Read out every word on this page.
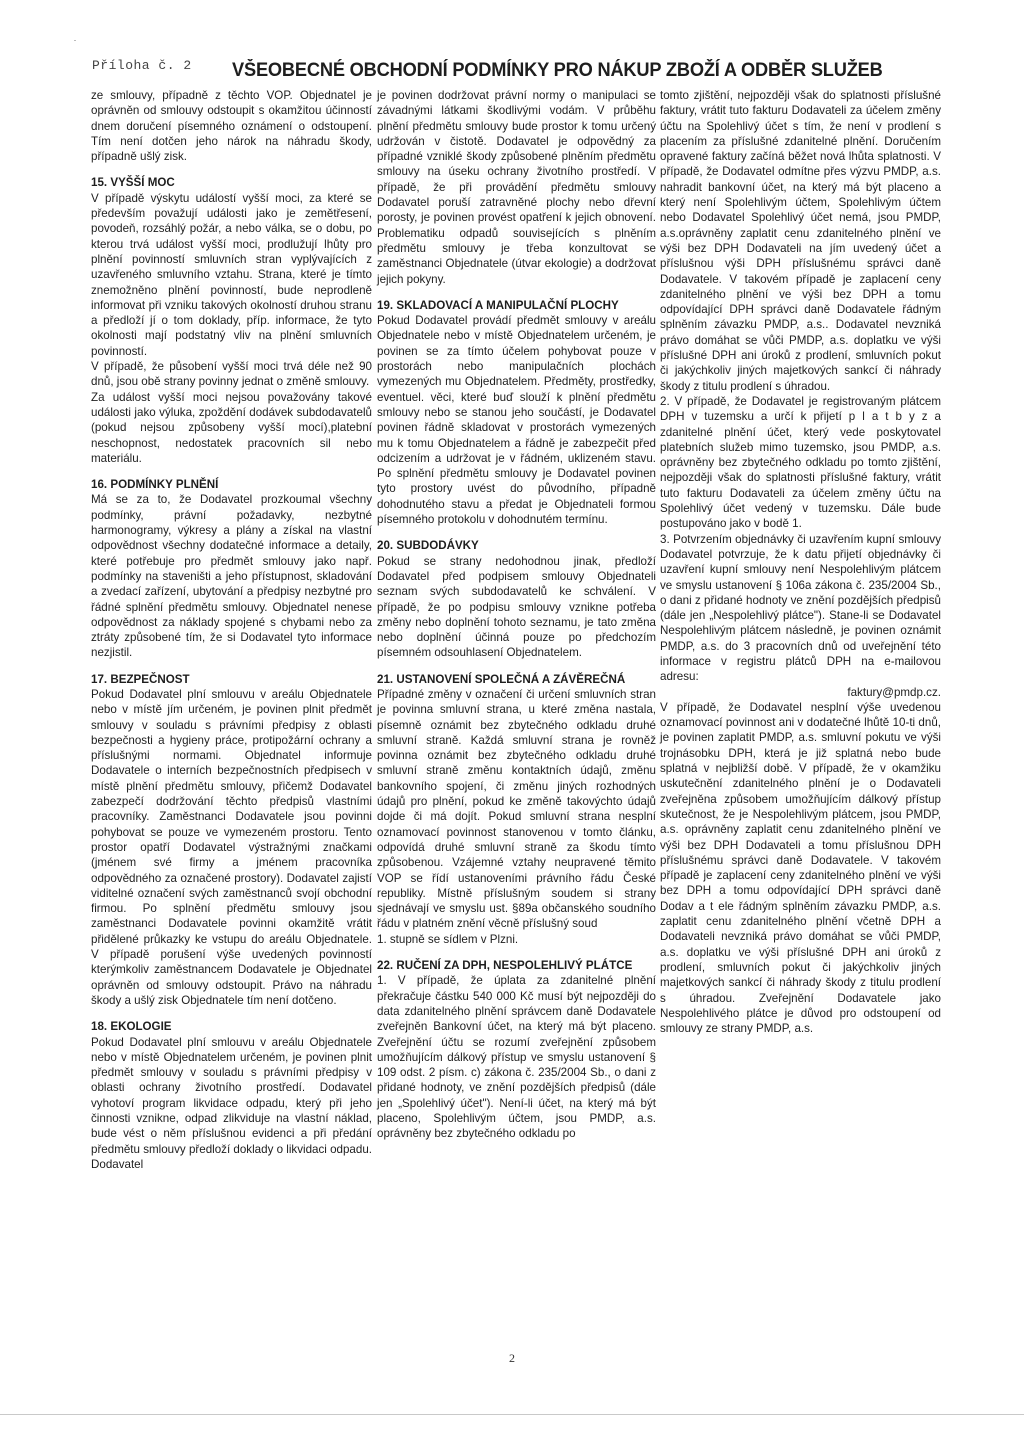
Příloha č. 2 VŠEOBECNÉ OBCHODNÍ PODMÍNKY PRO NÁKUP ZBOŽÍ A ODBĚR SLUŽEB

ze smlouvy, případně z těchto VOP. Objednatel je oprávněn od smlouvy odstoupit s okamžitou účinností dnem doručení písemného oznámení o odstoupení. Tím není dotčen jeho nárok na náhradu škody, případně ušlý zisk.

15. VYŠŠÍ MOC

V případě výskytu událostí vyšší moci, za které se především považují události jako je zemětřesení, povodeň, rozsáhlý požár, a nebo válka, se o dobu, po kterou trvá událost vyšší moci, prodlužují lhůty pro plnění povinností smluvních stran vyplývajících z uzavřeného smluvního vztahu. Strana, které je tímto znemožněno plnění povinností, bude neprodleně informovat při vzniku takových okolností druhou stranu a předloží jí o tom doklady, příp. informace, že tyto okolnosti mají podstatný vliv na plnění smluvních povinností.

V případě, že působení vyšší moci trvá déle než 90 dnů, jsou obě strany povinny jednat o změně smlouvy.

Za událost vyšší moci nejsou považovány takové události jako výluka, zpoždění dodávek subdodavatelů (pokud nejsou způsobeny vyšší mocí),platební neschopnost, nedostatek pracovních sil nebo materiálu.

16. PODMÍNKY PLNĚNÍ

Má se za to, že Dodavatel prozkoumal všechny podmínky, právní požadavky, nezbytné harmonogramy, výkresy a plány a získal na vlastní odpovědnost všechny dodatečné informace a detaily, které potřebuje pro předmět smlouvy jako např. podmínky na staveništi a jeho přístupnost, skladování a zvedací zařízení, ubytování a předpisy nezbytné pro řádné splnění předmětu smlouvy. Objednatel nenese odpovědnost za náklady spojené s chybami nebo za ztráty způsobené tím, že si Dodavatel tyto informace nezjistil.

17. BEZPEČNOST

Pokud Dodavatel plní smlouvu v areálu Objednatele nebo v místě jím určeném, je povinen plnit předmět smlouvy v souladu s právními předpisy z oblasti bezpečnosti a hygieny práce, protipožární ochrany a příslušnými normami. Objednatel informuje Dodavatele o interních bezpečnostních předpisech v místě plnění předmětu smlouvy, přičemž Dodavatel zabezpečí dodržování těchto předpisů vlastními pracovníky. Zaměstnanci Dodavatele jsou povinni pohybovat se pouze ve vymezeném prostoru. Tento prostor opatří Dodavatel výstražnými značkami (jménem své firmy a jménem pracovníka odpovědného za označené prostory). Dodavatel zajistí viditelné označení svých zaměstnanců svojí obchodní firmou. Po splnění předmětu smlouvy jsou zaměstnanci Dodavatele povinni okamžitě vrátit přidělené průkazky ke vstupu do areálu Objednatele. V případě porušení výše uvedených povinností kterýmkoliv zaměstnancem Dodavatele je Objednatel oprávněn od smlouvy odstoupit. Právo na náhradu škody a ušlý zisk Objednatele tím není dotčeno.

18. EKOLOGIE

Pokud Dodavatel plní smlouvu v areálu Objednatele nebo v místě Objednatelem určeném, je povinen plnit předmět smlouvy v souladu s právními předpisy v oblasti ochrany životního prostředí. Dodavatel vyhotoví program likvidace odpadu, který při jeho činnosti vznikne, odpad zlikviduje na vlastní náklad, bude vést o něm příslušnou evidenci a při předání předmětu smlouvy předloží doklady o likvidaci odpadu. Dodavatel

je povinen dodržovat právní normy o manipulaci se závadnými látkami škodlivými vodám. V průběhu plnění předmětu smlouvy bude prostor k tomu určený udržován v čistotě. Dodavatel je odpovědný za případné vzniklé škody způsobené plněním předmětu smlouvy na úseku ochrany životního prostředí. V případě, že při provádění předmětu smlouvy Dodavatel poruší zatravněné plochy nebo dřevní porosty, je povinen provést opatření k jejich obnovení. Problematiku odpadů souvisejících s plněním předmětu smlouvy je třeba konzultovat se zaměstnanci Objednatele (útvar ekologie) a dodržovat jejich pokyny.

19. SKLADOVACÍ A MANIPULAČNÍ PLOCHY

Pokud Dodavatel provádí předmět smlouvy v areálu Objednatele nebo v místě Objednatelem určeném, je povinen se za tímto účelem pohybovat pouze v prostorách nebo manipulačních plochách vymezených mu Objednatelem. Předměty, prostředky, eventuel. věci, které buď slouží k plnění předmětu smlouvy nebo se stanou jeho součástí, je Dodavatel povinen řádně skladovat v prostorách vymezených mu k tomu Objednatelem a řádně je zabezpečit před odcizením a udržovat je v řádném, uklizeném stavu. Po splnění předmětu smlouvy je Dodavatel povinen tyto prostory uvést do původního, případně dohodnutého stavu a předat je Objednateli formou písemného protokolu v dohodnutém termínu.

20. SUBDODÁVKY

Pokud se strany nedohodnou jinak, předloží Dodavatel před podpisem smlouvy Objednateli seznam svých subdodavatelů ke schválení. V případě, že po podpisu smlouvy vznikne potřeba změny nebo doplnění tohoto seznamu, je tato změna nebo doplnění účinná pouze po předchozím písemném odsouhlasení Objednatelem.

21. USTANOVENÍ SPOLEČNÁ A ZÁVĚREČNÁ

Případné změny v označení či určení smluvních stran je povinna smluvní strana, u které změna nastala, písemně oznámit bez zbytečného odkladu druhé smluvní straně. Každá smluvní strana je rovněž povinna oznámit bez zbytečného odkladu druhé smluvní straně změnu kontaktních údajů, změnu bankovního spojení, či změnu jiných rozhodných údajů pro plnění, pokud ke změně takovýchto údajů dojde či má dojít. Pokud smluvní strana nesplní oznamovací povinnost stanovenou v tomto článku, odpovídá druhé smluvní straně za škodu tímto způsobenou. Vzájemné vztahy neupravené těmito VOP se řídí ustanoveními právního řádu České republiky. Místně příslušným soudem si strany sjednávají ve smyslu ust. §89a občanského soudního řádu v platném znění věcně příslušný soud

1. stupně se sídlem v Plzni.

22. RUČENÍ ZA DPH, NESPOLEHLIVÝ PLÁTCE

1. V případě, že úplata za zdanitelné plnění překračuje částku 540 000 Kč musí být nejpozději do data zdanitelného plnění správcem daně Dodavatele zveřejněn Bankovní účet, na který má být placeno. Zveřejnění účtu se rozumí zveřejnění způsobem umožňujícím dálkový přístup ve smyslu ustanovení § 109 odst. 2 písm. c) zákona č. 235/2004 Sb., o dani z přidané hodnoty, ve znění pozdějších předpisů (dále jen „Spolehlivý účet"). Není-li účet, na který má být placeno, Spolehlivým účtem, jsou PMDP, a.s. oprávněny bez zbytečného odkladu po

tomto zjištění, nejpozději však do splatnosti příslušné faktury, vrátit tuto fakturu Dodavateli za účelem změny účtu na Spolehlivý účet s tím, že není v prodlení s placením za příslušné zdanitelné plnění. Doručením opravené faktury začíná běžet nová lhůta splatnosti. V případě, že Dodavatel odmítne přes výzvu PMDP, a.s. nahradit bankovní účet, na který má být placeno a který není Spolehlivým účtem, Spolehlivým účtem nebo Dodavatel Spolehlivý účet nemá, jsou PMDP, a.s.oprávněny zaplatit cenu zdanitelného plnění ve výši bez DPH Dodavateli na jím uvedený účet a příslušnou výši DPH příslušnému správci daně Dodavatele. V takovém případě je zaplacení ceny zdanitelného plnění ve výši bez DPH a tomu odpovídající DPH správci daně Dodavatele řádným splněním závazku PMDP, a.s.. Dodavatel nevzniká právo domáhat se vůči PMDP, a.s. doplatku ve výši příslušné DPH ani úroků z prodlení, smluvních pokut či jakýchkoliv jiných majetkových sankcí či náhrady škody z titulu prodlení s úhradou.

2. V případě, že Dodavatel je registrovaným plátcem DPH v tuzemsku a určí k přijetí p l a t b y z a zdanitelné plnění účet, který vede poskytovatel platebních služeb mimo tuzemsko, jsou PMDP, a.s. oprávněny bez zbytečného odkladu po tomto zjištění, nejpozději však do splatnosti příslušné faktury, vrátit tuto fakturu Dodavateli za účelem změny účtu na Spolehlivý účet vedený v tuzemsku. Dále bude postupováno jako v bodě 1.

3. Potvrzením objednávky či uzavřením kupní smlouvy Dodavatel potvrzuje, že k datu přijetí objednávky či uzavření kupní smlouvy není Nespolehlivým plátcem ve smyslu ustanovení § 106a zákona č. 235/2004 Sb., o dani z přidané hodnoty ve znění pozdějších předpisů (dále jen „Nespolehlivý plátce"). Stane-li se Dodavatel Nespolehlivým plátcem následně, je povinen oznámit PMDP, a.s. do 3 pracovních dnů od uveřejnění této informace v registru plátců DPH na e-mailovou adresu:

faktury@pmdp.cz.

V případě, že Dodavatel nesplní výše uvedenou oznamovací povinnost ani v dodatečné lhůtě 10-ti dnů, je povinen zaplatit PMDP, a.s. smluvní pokutu ve výši trojnásobku DPH, která je již splatná nebo bude splatná v nejbližší době. V případě, že v okamžiku uskutečnění zdanitelného plnění je o Dodavateli zveřejněna způsobem umožňujícím dálkový přístup skutečnost, že je Nespolehlivým plátcem, jsou PMDP, a.s. oprávněny zaplatit cenu zdanitelného plnění ve výši bez DPH Dodavateli a tomu příslušnou DPH příslušnému správci daně Dodavatele. V takovém případě je zaplacení ceny zdanitelného plnění ve výši bez DPH a tomu odpovídající DPH správci daně Dodav a t ele řádným splněním závazku PMDP, a.s. zaplatit cenu zdanitelného plnění včetně DPH a Dodavateli nevzniká právo domáhat se vůči PMDP, a.s. doplatku ve výši příslušné DPH ani úroků z prodlení, smluvních pokut či jakýchkoliv jiných majetkových sankcí či náhrady škody z titulu prodlení s úhradou. Zveřejnění Dodavatele jako Nespolehlivého plátce je důvod pro odstoupení od smlouvy ze strany PMDP, a.s.

2
